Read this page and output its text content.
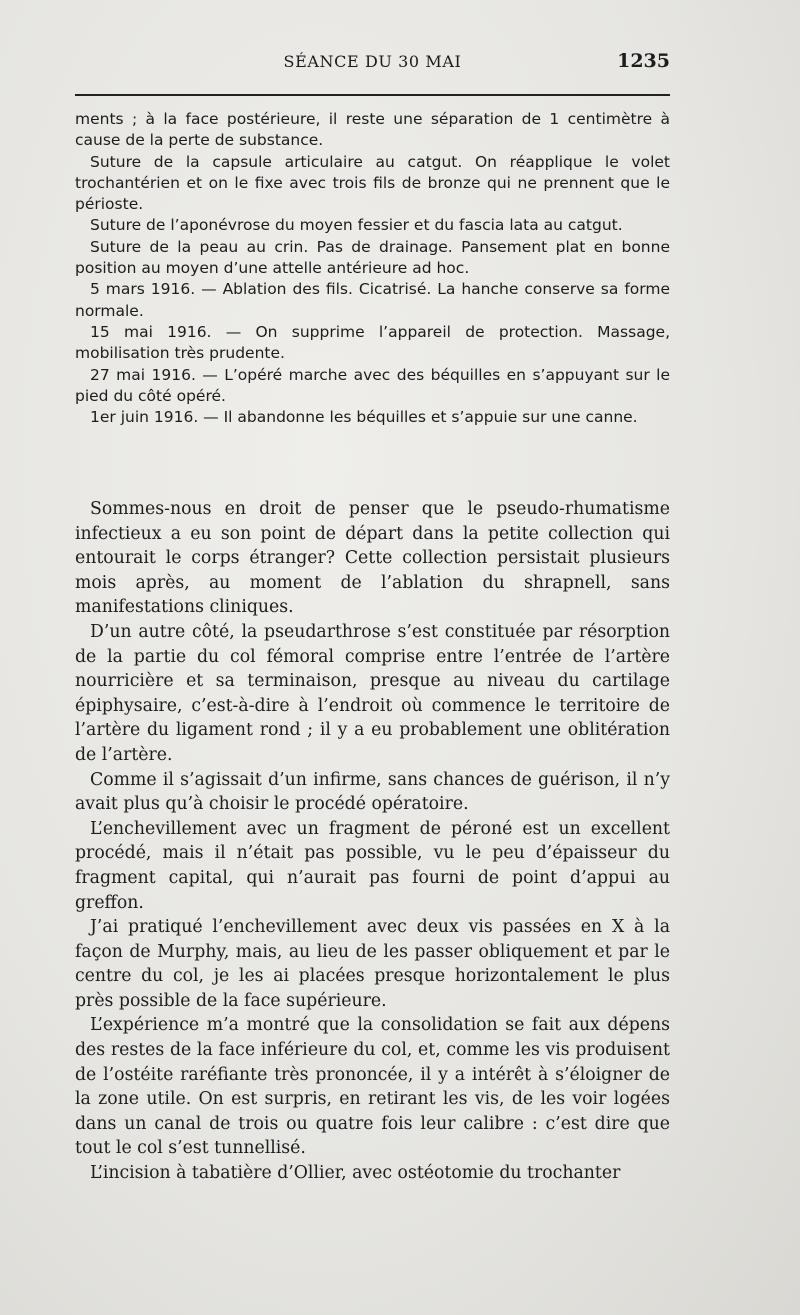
SÉANCE DU 30 MAI	1235

ments ; à la face postérieure, il reste une séparation de 1 centimètre à cause de la perte de substance.

Suture de la capsule articulaire au catgut. On réapplique le volet trochantérien et on le fixe avec trois fils de bronze qui ne prennent que le périoste.

Suture de l’aponévrose du moyen fessier et du fascia lata au catgut.

Suture de la peau au crin. Pas de drainage. Pansement plat en bonne position au moyen d’une attelle antérieure ad hoc.

5 mars 1916. — Ablation des fils. Cicatrisé. La hanche conserve sa forme normale.

15 mai 1916. — On supprime l’appareil de protection. Massage, mobilisation très prudente.

27 mai 1916. — L’opéré marche avec des béquilles en s’appuyant sur le pied du côté opéré.

1er juin 1916. — Il abandonne les béquilles et s’appuie sur une canne.

Sommes-nous en droit de penser que le pseudo-rhumatisme infectieux a eu son point de départ dans la petite collection qui entourait le corps étranger? Cette collection persistait plusieurs mois après, au moment de l’ablation du shrapnell, sans manifestations cliniques.

D’un autre côté, la pseudarthrose s’est constituée par résorption de la partie du col fémoral comprise entre l’entrée de l’artère nourricière et sa terminaison, presque au niveau du cartilage épiphysaire, c’est-à-dire à l’endroit où commence le territoire de l’artère du ligament rond ; il y a eu probablement une oblitération de l’artère.

Comme il s’agissait d’un infirme, sans chances de guérison, il n’y avait plus qu’à choisir le procédé opératoire.

L’enchevillement avec un fragment de péroné est un excellent procédé, mais il n’était pas possible, vu le peu d’épaisseur du fragment capital, qui n’aurait pas fourni de point d’appui au greffon.

J’ai pratiqué l’enchevillement avec deux vis passées en X à la façon de Murphy, mais, au lieu de les passer obliquement et par le centre du col, je les ai placées presque horizontalement le plus près possible de la face supérieure.

L’expérience m’a montré que la consolidation se fait aux dépens des restes de la face inférieure du col, et, comme les vis produisent de l’ostéite raréfiante très prononcée, il y a intérêt à s’éloigner de la zone utile. On est surpris, en retirant les vis, de les voir logées dans un canal de trois ou quatre fois leur calibre : c’est dire que tout le col s’est tunnellisé.

L’incision à tabatière d’Ollier, avec ostéotomie du trochanter
